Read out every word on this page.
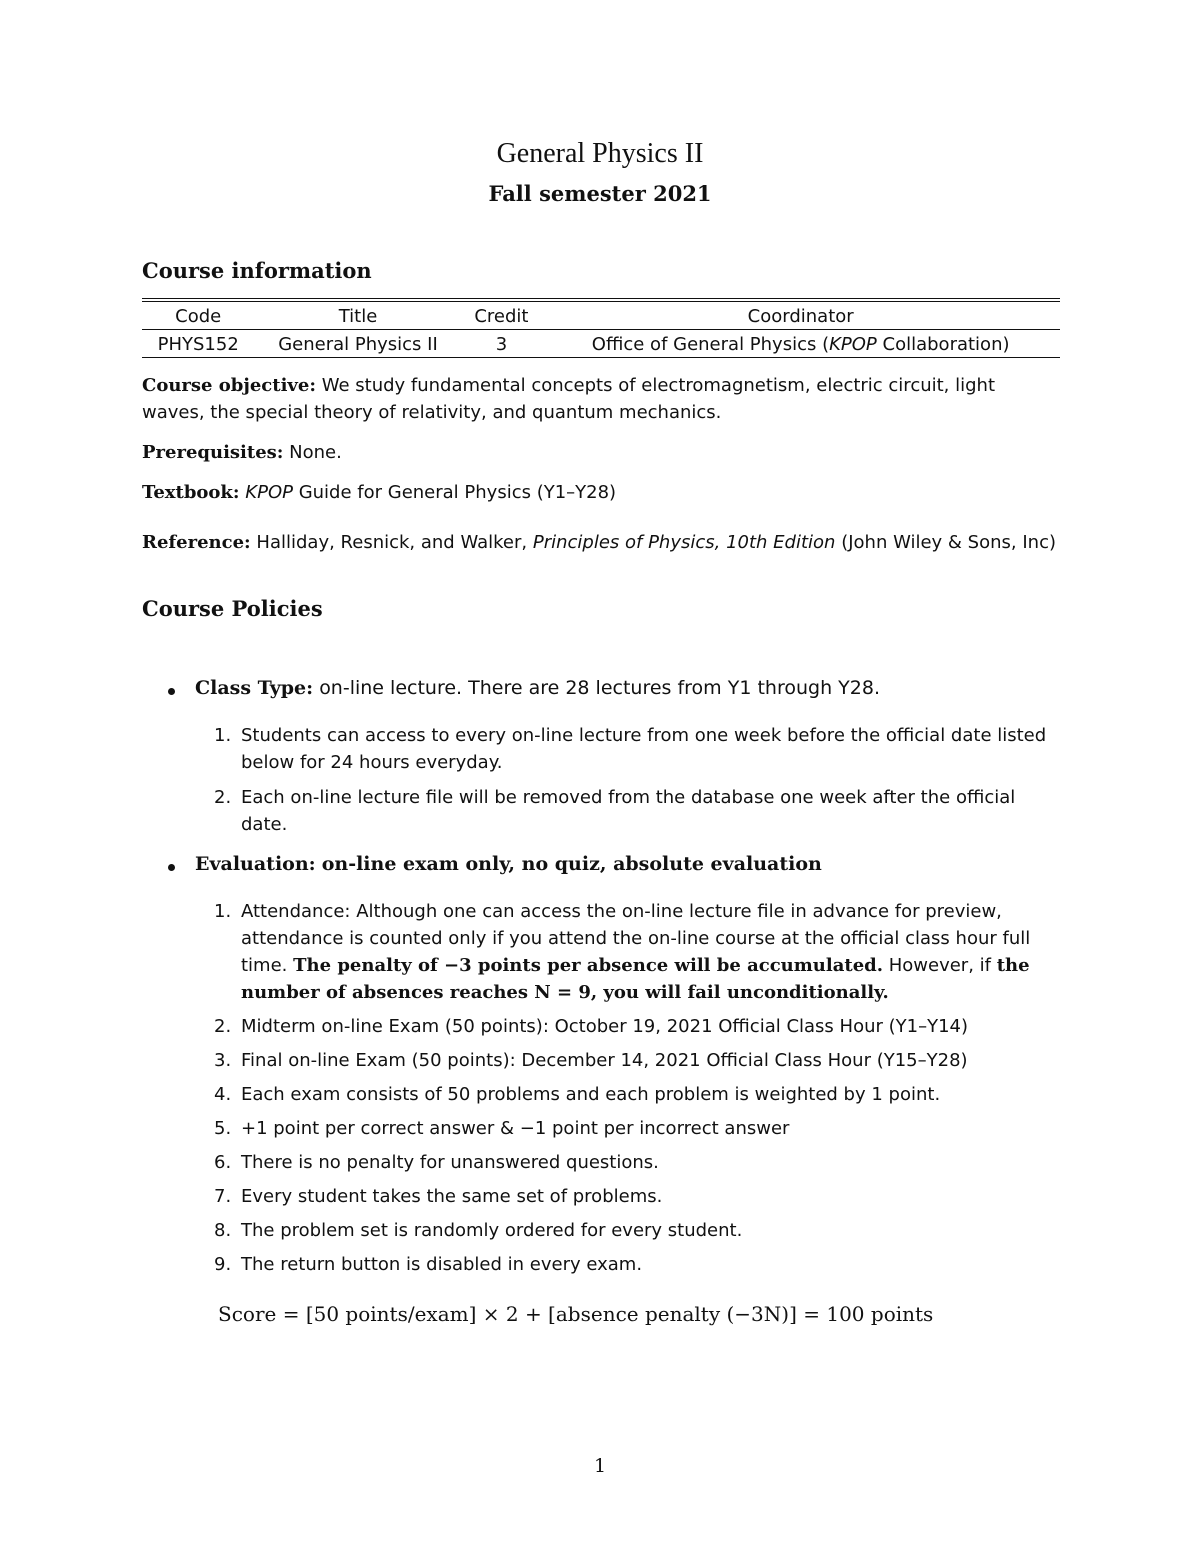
General Physics II
Fall semester 2021
Course information
Code	Title	Credit	Coordinator
PHYS152	General Physics II	3	Office of General Physics (KPOP Collaboration)
Course objective: We study fundamental concepts of electromagnetism, electric circuit, light waves, the special theory of relativity, and quantum mechanics.
Prerequisites: None.
Textbook: KPOP Guide for General Physics (Y1–Y28)
Reference: Halliday, Resnick, and Walker, Principles of Physics, 10th Edition (John Wiley & Sons, Inc)
Course Policies
Class Type: on-line lecture. There are 28 lectures from Y1 through Y28.
1. Students can access to every on-line lecture from one week before the official date listed below for 24 hours everyday.
2. Each on-line lecture file will be removed from the database one week after the official date.
Evaluation: on-line exam only, no quiz, absolute evaluation
1. Attendance: Although one can access the on-line lecture file in advance for preview, attendance is counted only if you attend the on-line course at the official class hour full time. The penalty of −3 points per absence will be accumulated. However, if the number of absences reaches N = 9, you will fail unconditionally.
2. Midterm on-line Exam (50 points): October 19, 2021 Official Class Hour (Y1–Y14)
3. Final on-line Exam (50 points): December 14, 2021 Official Class Hour (Y15–Y28)
4. Each exam consists of 50 problems and each problem is weighted by 1 point.
5. +1 point per correct answer & −1 point per incorrect answer
6. There is no penalty for unanswered questions.
7. Every student takes the same set of problems.
8. The problem set is randomly ordered for every student.
9. The return button is disabled in every exam.
Score = [50 points/exam] × 2 + [absence penalty (−3N)] = 100 points
1
